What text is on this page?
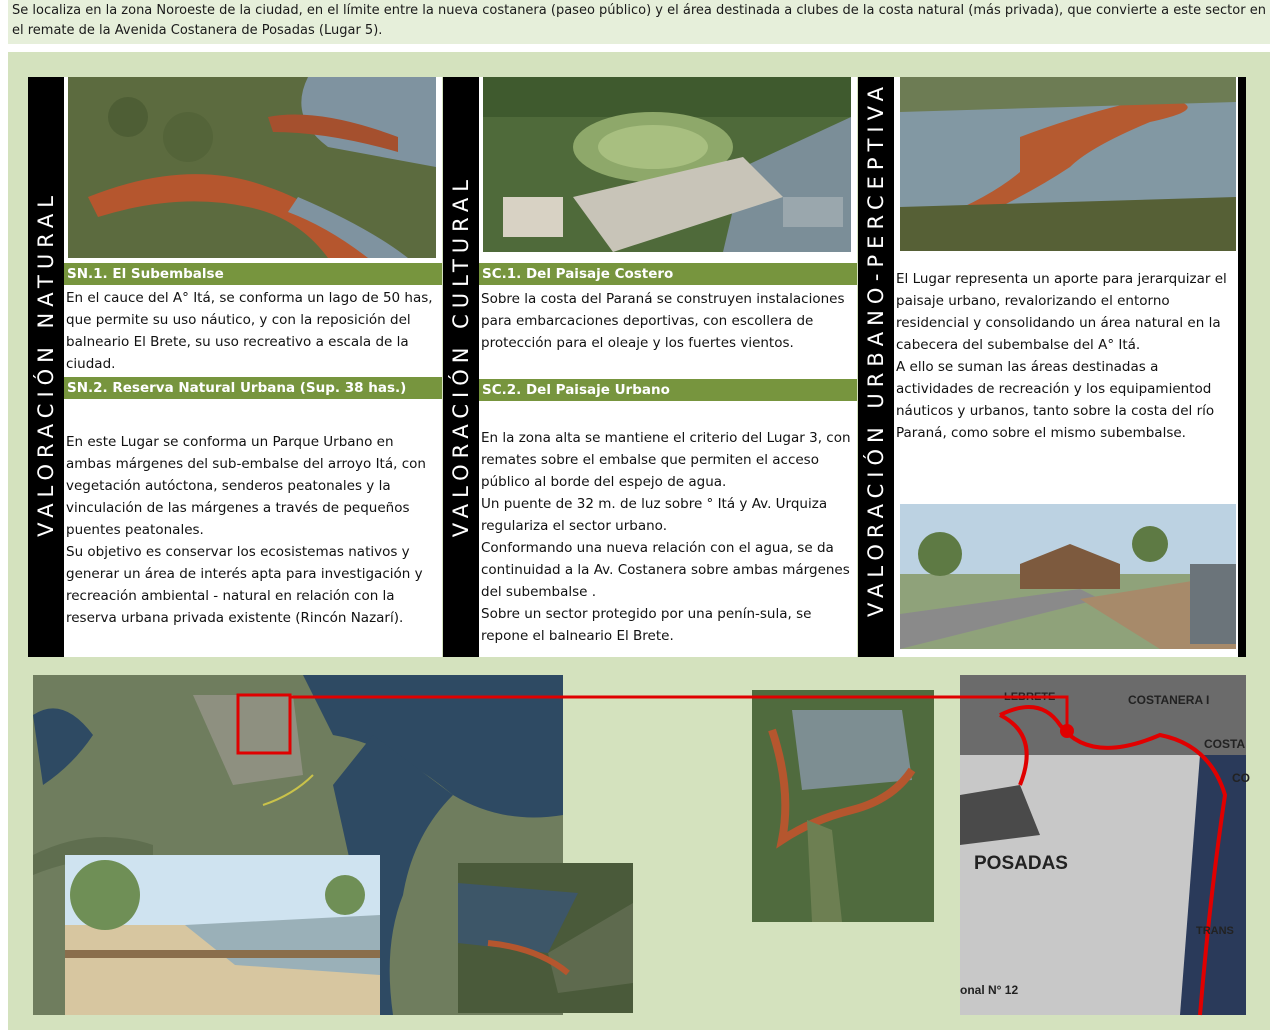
Se localiza en la zona Noroeste de la ciudad, en el límite entre la nueva costanera (paseo público) y el área destinada a clubes de la costa natural (más privada), que convierte a este sector en el remate de la Avenida Costanera de Posadas (Lugar 5).
VALORACIÓN NATURAL SN.1. El Subembalse
En el cauce del A° Itá, se conforma un lago de 50 has, que permite su uso náutico, y con la reposición del balneario El Brete, su uso recreativo a escala de la ciudad.
SN.2. Reserva Natural Urbana (Sup. 38 has.)

En este Lugar se conforma un Parque Urbano en ambas márgenes del sub-embalse del arroyo Itá, con vegetación autóctona, senderos peatonales y la vinculación de las márgenes a través de pequeños puentes peatonales.

Su objetivo es conservar los ecosistemas nativos y generar un área de interés apta para investigación y recreación ambiental - natural en relación con la reserva urbana privada existente (Rincón Nazarí).

VALORACIÓN CULTURAL SC.1. Del Paisaje Costero
Sobre la costa del Paraná se construyen instalaciones para embarcaciones deportivas, con escollera de protección para el oleaje y los fuertes vientos.
SC.2. Del Paisaje Urbano

En la zona alta se mantiene el criterio del Lugar 3, con remates sobre el embalse que permiten el acceso público al borde del espejo de agua.

Un puente de 32 m. de luz sobre ° Itá y Av. Urquiza regulariza el sector urbano.

Conformando una nueva relación con el agua, se da continuidad a la Av. Costanera sobre ambas márgenes del subembalse .

Sobre un sector protegido por una penín-sula, se repone el balneario El Brete.

VALORACIÓN URBANO-PERCEPTIVA El Lugar representa un aporte para jerarquizar el paisaje urbano, revalorizando el entorno residencial y consolidando un área natural en la cabecera del subembalse del A° Itá.

A ello se suman las áreas destinadas a actividades de recreación y los equipamientod náuticos y urbanos, tanto sobre la costa del río Paraná, como sobre el mismo subembalse.

POSADAS
COSTANERA I
COSTA
CO
LEBRETE
TRANS
onal N° 12
